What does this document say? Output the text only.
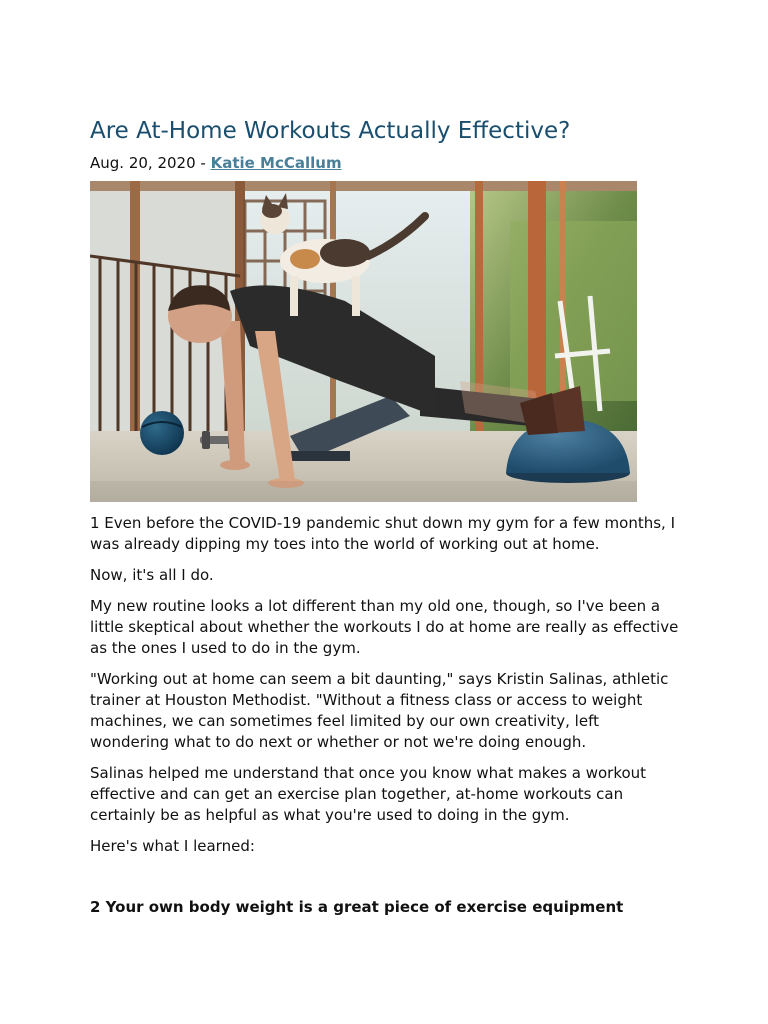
Are At-Home Workouts Actually Effective?

Aug. 20, 2020 - Katie McCallum

1 Even before the COVID-19 pandemic shut down my gym for a few months, I was already dipping my toes into the world of working out at home.

Now, it's all I do.

My new routine looks a lot different than my old one, though, so I've been a little skeptical about whether the workouts I do at home are really as effective as the ones I used to do in the gym.

"Working out at home can seem a bit daunting," says Kristin Salinas, athletic trainer at Houston Methodist. "Without a fitness class or access to weight machines, we can sometimes feel limited by our own creativity, left wondering what to do next or whether or not we're doing enough.

Salinas helped me understand that once you know what makes a workout effective and can get an exercise plan together, at-home workouts can certainly be as helpful as what you're used to doing in the gym.

Here's what I learned:

2 Your own body weight is a great piece of exercise equipment
